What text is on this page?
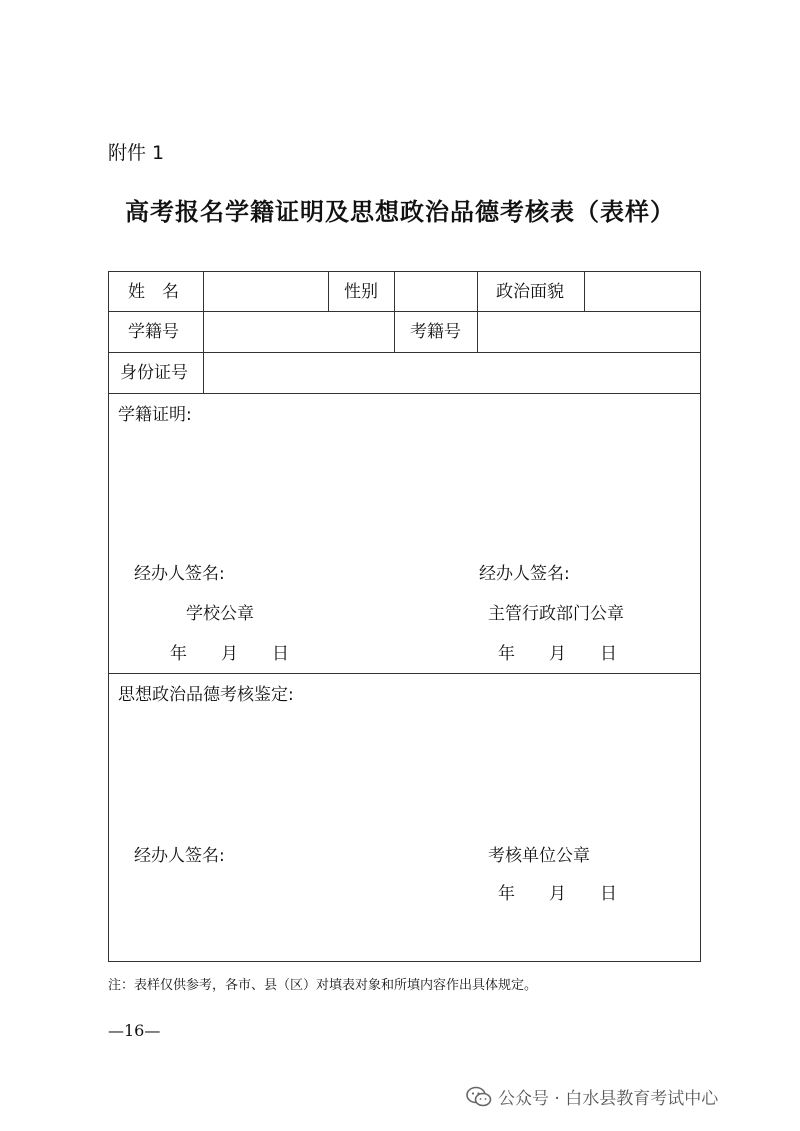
附件 1
高考报名学籍证明及思想政治品德考核表（表样）
姓　名	性别	政治面貌
学籍号	考籍号
身份证号
学籍证明:
经办人签名:
学校公章
年　　月　　日
经办人签名:
主管行政部门公章
年　　月　　日
思想政治品德考核鉴定:
经办人签名:	考核单位公章
年　　月　　日
注：表样仅供参考，各市、县（区）对填表对象和所填内容作出具体规定。
—16—
公众号 · 白水县教育考试中心
